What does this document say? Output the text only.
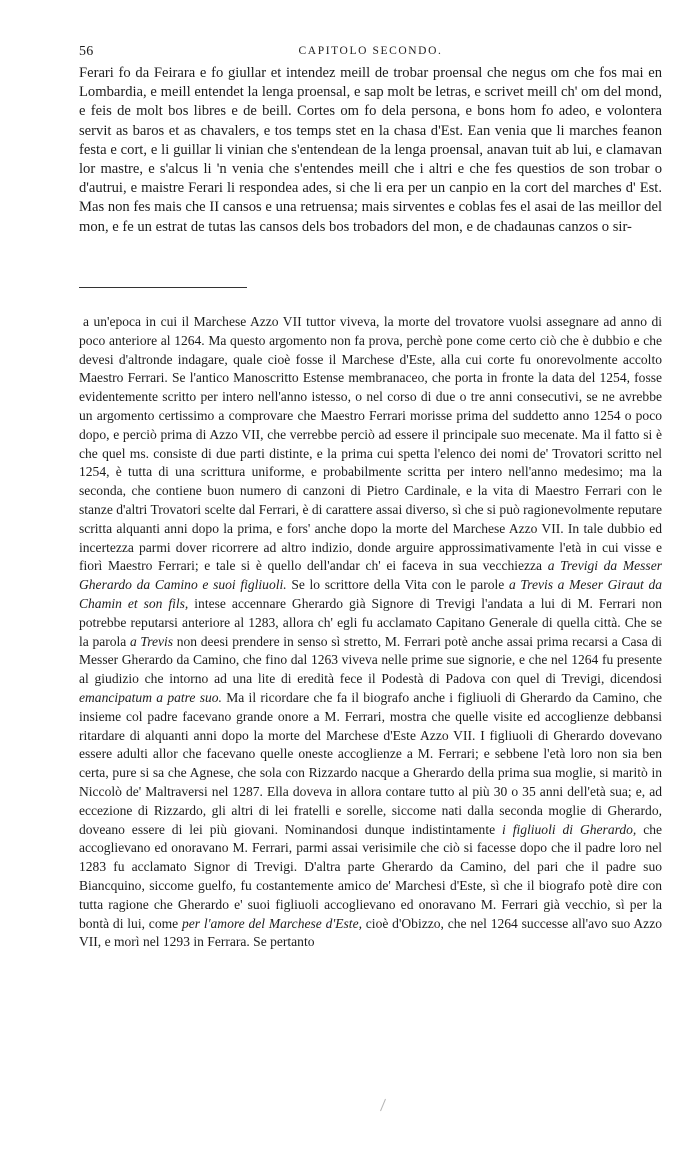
56	CAPITOLO SECONDO.

Ferari fo da Feirara e fo giullar et intendez meill de trobar proensal che negus om che fos mai en Lombardia, e meill entendet la lenga proensal, e sap molt be letras, e scrivet meill ch' om del mond, e feis de molt bos libres e de beill. Cortes om fo dela persona, e bons hom fo adeo, e volontera servit as baros et as chavalers, e tos temps stet en la chasa d'Est. Ean venia que li marches feanon festa e cort, e li guillar li vinian che s'entendean de la lenga proensal, anavan tuit ab lui, e clamavan lor mastre, e s'alcus li 'n venia che s'entendes meill che i altri e che fes questios de son trobar o d'autrui, e maistre Ferari li respondea ades, si che li era per un canpio en la cort del marches d' Est. Mas non fes mais che II cansos e una retruensa; mais sirventes e coblas fes el asai de las meillor del mon, e fe un estrat de tutas las cansos dels bos trobadors del mon, e de chadaunas canzos o sir-

a un'epoca in cui il Marchese Azzo VII tuttor viveva, la morte del trovatore vuolsi assegnare ad anno di poco anteriore al 1264. Ma questo argomento non fa prova, perchè pone come certo ciò che è dubbio e che devesi d'altronde indagare, quale cioè fosse il Marchese d'Este, alla cui corte fu onorevolmente accolto Maestro Ferrari. Se l'antico Manoscritto Estense membranaceo, che porta in fronte la data del 1254, fosse evidentemente scritto per intero nell'anno istesso, o nel corso di due o tre anni consecutivi, se ne avrebbe un argomento certissimo a comprovare che Maestro Ferrari morisse prima del suddetto anno 1254 o poco dopo, e perciò prima di Azzo VII, che verrebbe perciò ad essere il principale suo mecenate. Ma il fatto si è che quel ms. consiste di due parti distinte, e la prima cui spetta l'elenco dei nomi de' Trovatori scritto nel 1254, è tutta di una scrittura uniforme, e probabilmente scritta per intero nell'anno medesimo; ma la seconda, che contiene buon numero di canzoni di Pietro Cardinale, e la vita di Maestro Ferrari con le stanze d'altri Trovatori scelte dal Ferrari, è di carattere assai diverso, sì che si può ragionevolmente reputare scritta alquanti anni dopo la prima, e fors' anche dopo la morte del Marchese Azzo VII. In tale dubbio ed incertezza parmi dover ricorrere ad altro indizio, donde arguire approssimativamente l'età in cui visse e fiorì Maestro Ferrari; e tale si è quello dell'andar ch' ei faceva in sua vecchiezza a Trevigi da Messer Gherardo da Camino e suoi figliuoli. Se lo scrittore della Vita con le parole a Trevis a Meser Giraut da Chamin et son fils, intese accennare Gherardo già Signore di Trevigi l'andata a lui di M. Ferrari non potrebbe reputarsi anteriore al 1283, allora ch' egli fu acclamato Capitano Generale di quella città. Che se la parola a Trevis non deesi prendere in senso sì stretto, M. Ferrari potè anche assai prima recarsi a Casa di Messer Gherardo da Camino, che fino dal 1263 viveva nelle prime sue signorie, e che nel 1264 fu presente al giudizio che intorno ad una lite di eredità fece il Podestà di Padova con quel di Trevigi, dicendosi emancipatum a patre suo. Ma il ricordare che fa il biografo anche i figliuoli di Gherardo da Camino, che insieme col padre facevano grande onore a M. Ferrari, mostra che quelle visite ed accoglienze debbansi ritardare di alquanti anni dopo la morte del Marchese d'Este Azzo VII. I figliuoli di Gherardo dovevano essere adulti allor che facevano quelle oneste accoglienze a M. Ferrari; e sebbene l'età loro non sia ben certa, pure si sa che Agnese, che sola con Rizzardo nacque a Gherardo della prima sua moglie, si maritò in Niccolò de' Maltraversi nel 1287. Ella doveva in allora contare tutto al più 30 o 35 anni dell'età sua; e, ad eccezione di Rizzardo, gli altri di lei fratelli e sorelle, siccome nati dalla seconda moglie di Gherardo, doveano essere di lei più giovani. Nominandosi dunque indistintamente i figliuoli di Gherardo, che accoglievano ed onoravano M. Ferrari, parmi assai verisimile che ciò si facesse dopo che il padre loro nel 1283 fu acclamato Signor di Trevigi. D'altra parte Gherardo da Camino, del pari che il padre suo Biancquino, siccome guelfo, fu costantemente amico de' Marchesi d'Este, sì che il biografo potè dire con tutta ragione che Gherardo e' suoi figliuoli accoglievano ed onoravano M. Ferrari già vecchio, sì per la bontà di lui, come per l'amore del Marchese d'Este, cioè d'Obizzo, che nel 1264 successe all'avo suo Azzo VII, e morì nel 1293 in Ferrara. Se pertanto
